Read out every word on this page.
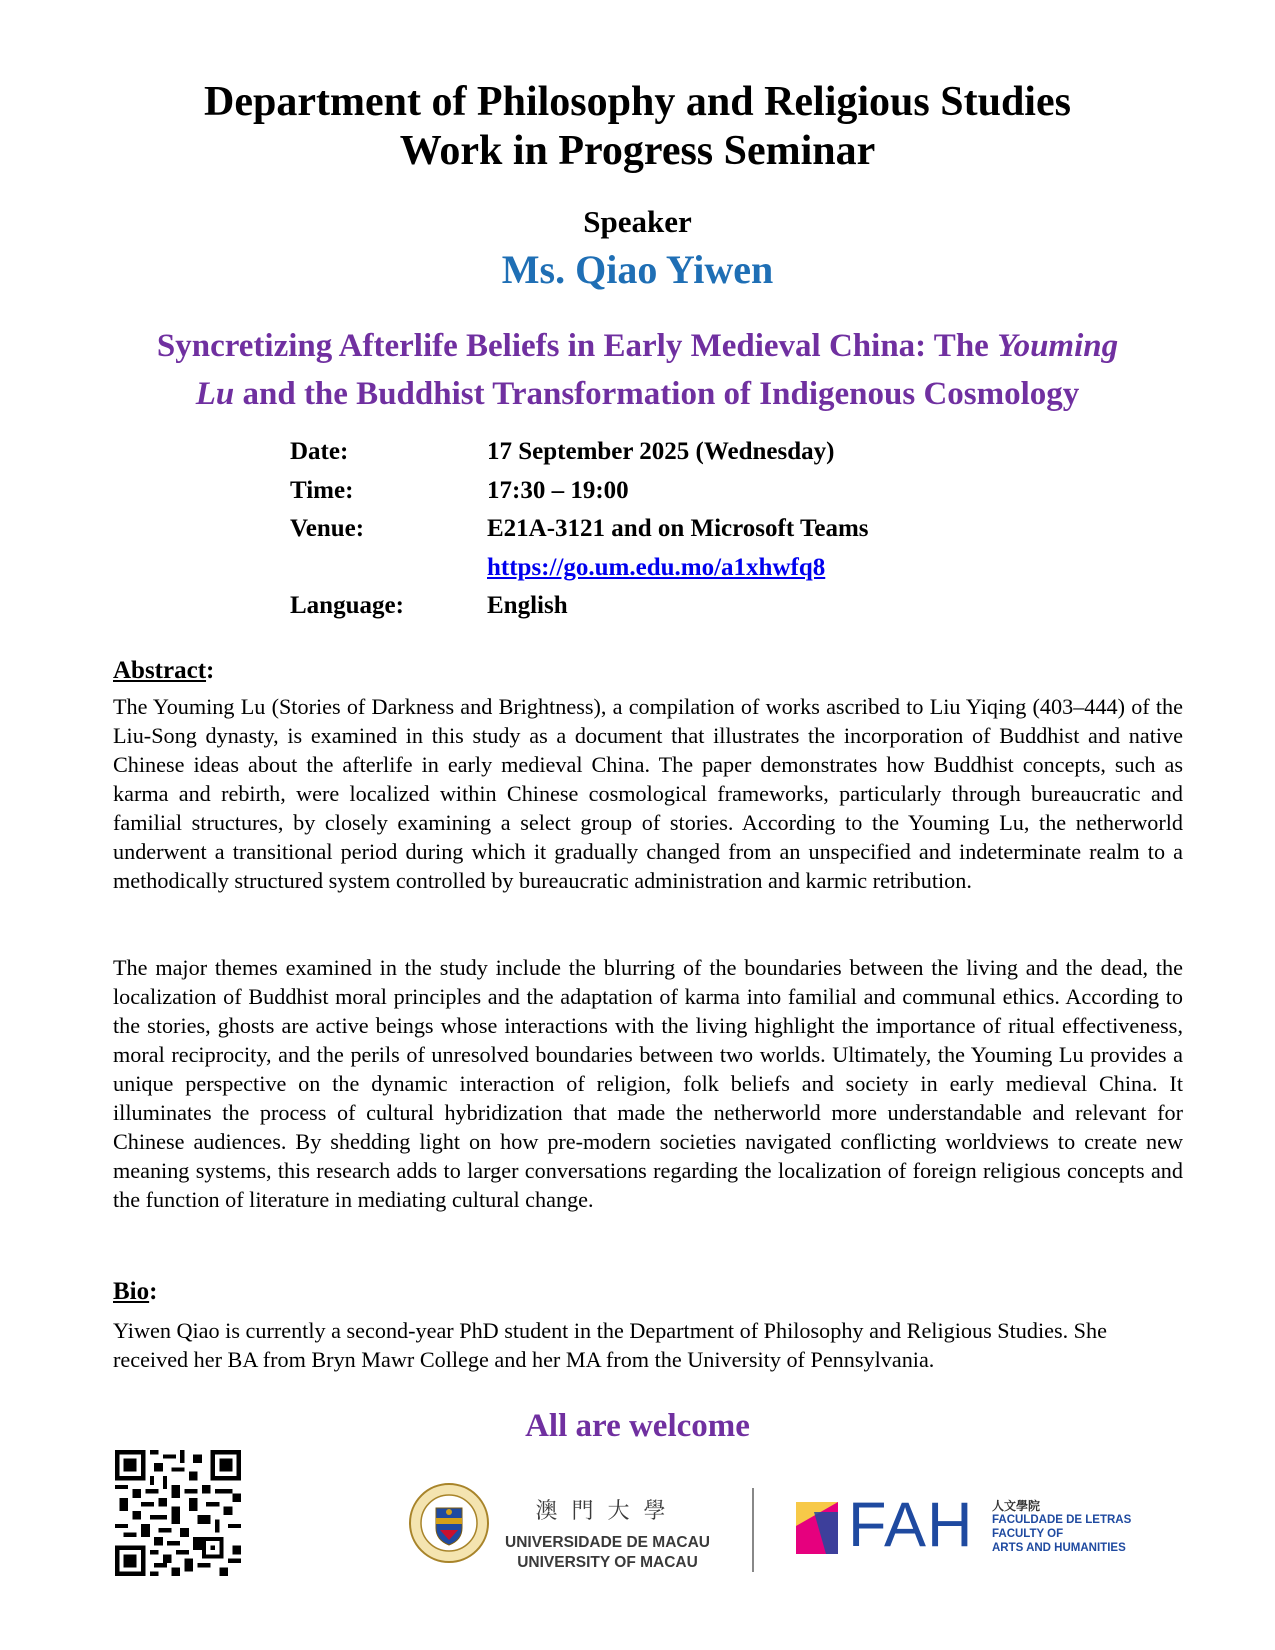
Department of Philosophy and Religious Studies
Work in Progress Seminar
Speaker
Ms. Qiao Yiwen
Syncretizing Afterlife Beliefs in Early Medieval China: The Youming
Lu and the Buddhist Transformation of Indigenous Cosmology
Date:	17 September 2025 (Wednesday)
Time:	17:30 – 19:00
Venue:	E21A-3121 and on Microsoft Teams
https://go.um.edu.mo/a1xhwfq8
Language:	English
Abstract:
The Youming Lu (Stories of Darkness and Brightness), a compilation of works ascribed to Liu Yiqing (403–444) of the Liu-Song dynasty, is examined in this study as a document that illustrates the incorporation of Buddhist and native Chinese ideas about the afterlife in early medieval China. The paper demonstrates how Buddhist concepts, such as karma and rebirth, were localized within Chinese cosmological frameworks, particularly through bureaucratic and familial structures, by closely examining a select group of stories. According to the Youming Lu, the netherworld underwent a transitional period during which it gradually changed from an unspecified and indeterminate realm to a methodically structured system controlled by bureaucratic administration and karmic retribution.
The major themes examined in the study include the blurring of the boundaries between the living and the dead, the localization of Buddhist moral principles and the adaptation of karma into familial and communal ethics. According to the stories, ghosts are active beings whose interactions with the living highlight the importance of ritual effectiveness, moral reciprocity, and the perils of unresolved boundaries between two worlds. Ultimately, the Youming Lu provides a unique perspective on the dynamic interaction of religion, folk beliefs and society in early medieval China. It illuminates the process of cultural hybridization that made the netherworld more understandable and relevant for Chinese audiences. By shedding light on how pre-modern societies navigated conflicting worldviews to create new meaning systems, this research adds to larger conversations regarding the localization of foreign religious concepts and the function of literature in mediating cultural change.
Bio:
Yiwen Qiao is currently a second-year PhD student in the Department of Philosophy and Religious Studies. She received her BA from Bryn Mawr College and her MA from the University of Pennsylvania.
All are welcome
澳門大學
UNIVERSIDADE DE MACAU
UNIVERSITY OF MACAU
FAH 人文學院
FACULDADE DE LETRAS
FACULTY OF
ARTS AND HUMANITIES
